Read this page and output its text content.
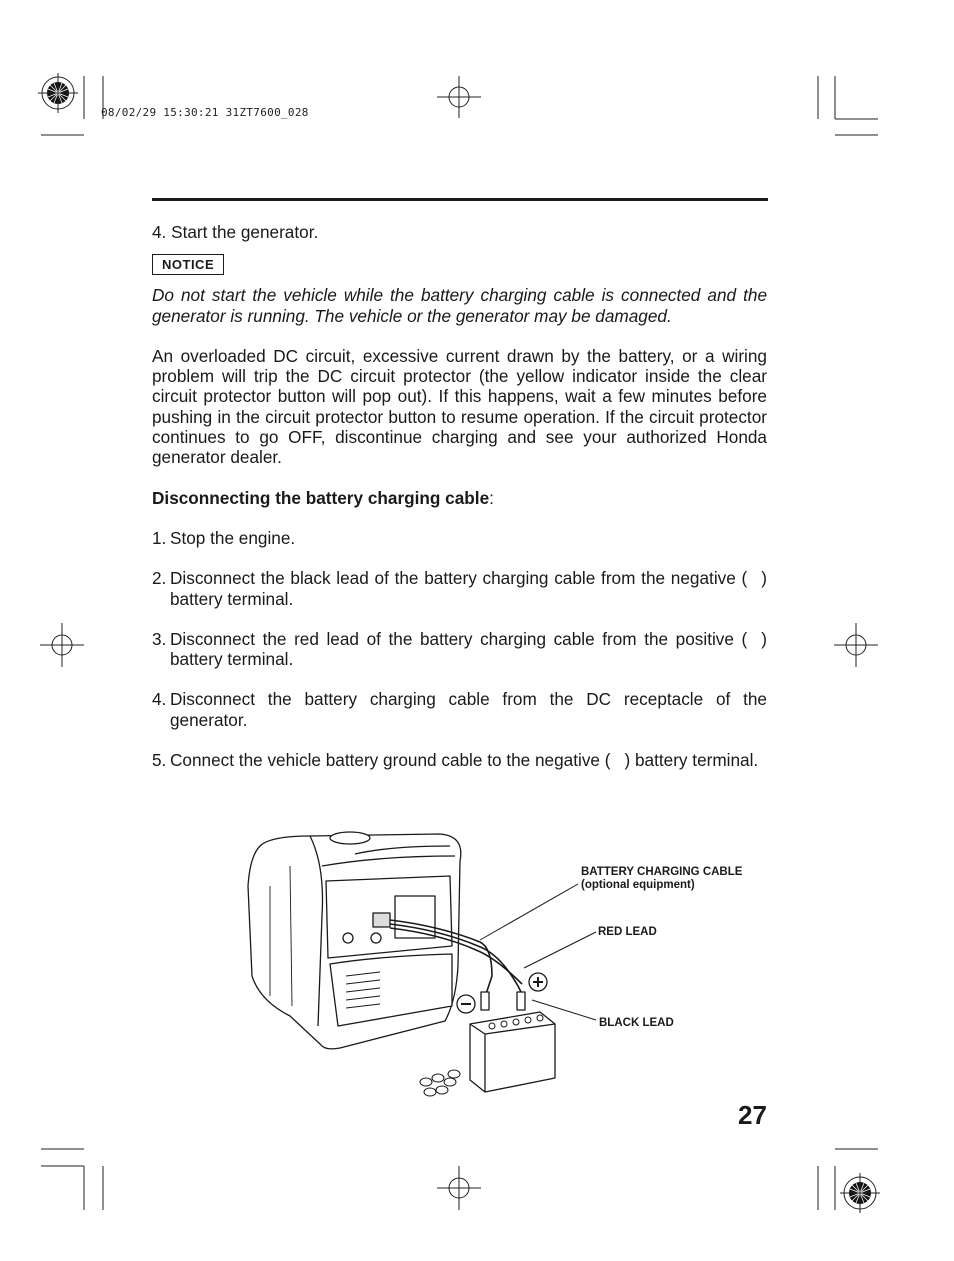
08/02/29 15:30:21 31ZT7600_028

4. Start the generator.

NOTICE

Do not start the vehicle while the battery charging cable is connected and the generator is running. The vehicle or the generator may be damaged.

An overloaded DC circuit, excessive current drawn by the battery, or a wiring problem will trip the DC circuit protector (the yellow indicator inside the clear circuit protector button will pop out). If this happens, wait a few minutes before pushing in the circuit protector button to resume operation. If the circuit protector continues to go OFF, discontinue charging and see your authorized Honda generator dealer.

Disconnecting the battery charging cable:

1. Stop the engine.
2. Disconnect the black lead of the battery charging cable from the negative ( ) battery terminal.
3. Disconnect the red lead of the battery charging cable from the positive ( ) battery terminal.
4. Disconnect the battery charging cable from the DC receptacle of the generator.
5. Connect the vehicle battery ground cable to the negative ( ) battery terminal.
BATTERY CHARGING CABLE
(optional equipment)
RED LEAD
BLACK LEAD
27
